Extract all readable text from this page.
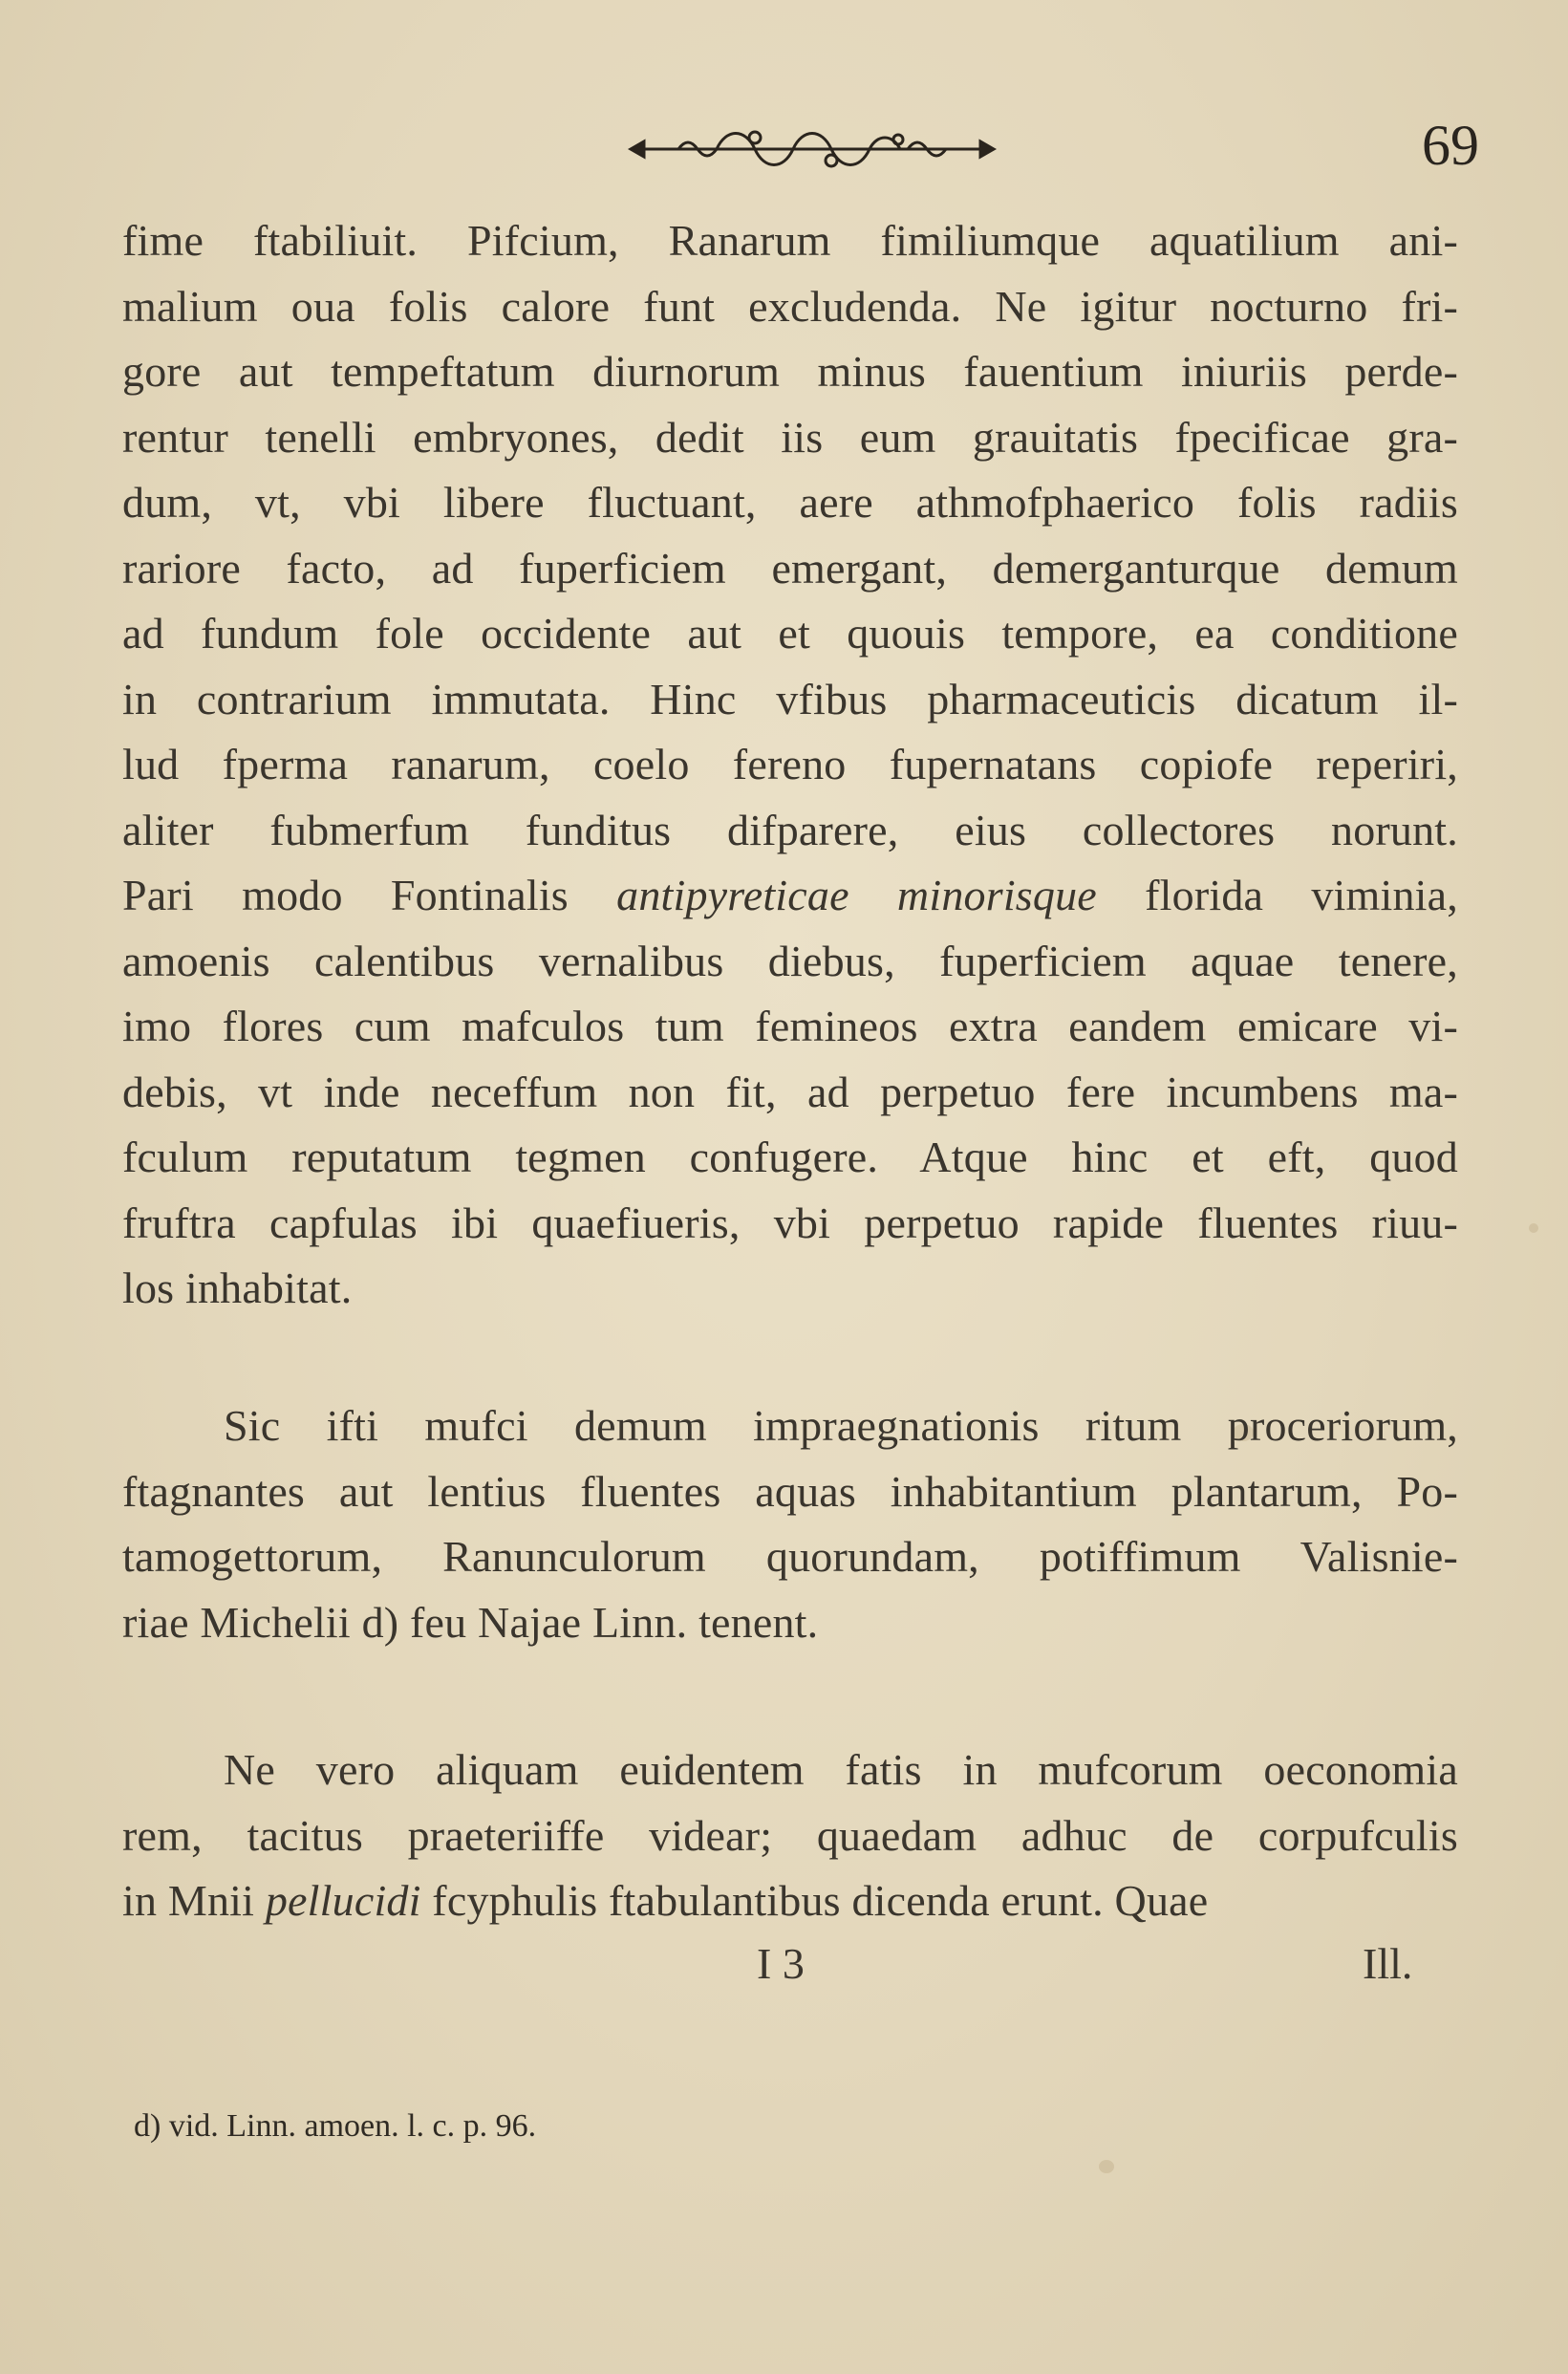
69
fime ftabiliuit. Pifcium, Ranarum fimiliumque aquatilium ani-
malium oua folis calore funt excludenda. Ne igitur nocturno fri-
gore aut tempeftatum diurnorum minus fauentium iniuriis perde-
rentur tenelli embryones, dedit iis eum grauitatis fpecificae gra-
dum, vt, vbi libere fluctuant, aere athmofphaerico folis radiis
rariore facto, ad fuperficiem emergant, demerganturque demum
ad fundum fole occidente aut et quouis tempore, ea conditione
in contrarium immutata. Hinc vfibus pharmaceuticis dicatum il-
lud fperma ranarum, coelo fereno fupernatans copiofe reperiri,
aliter fubmerfum funditus difparere, eius collectores norunt.
Pari modo Fontinalis antipyreticae minorisque florida viminia,
amoenis calentibus vernalibus diebus, fuperficiem aquae tenere,
imo flores cum mafculos tum femineos extra eandem emicare vi-
debis, vt inde neceffum non fit, ad perpetuo fere incumbens ma-
fculum reputatum tegmen confugere. Atque hinc et eft, quod
fruftra capfulas ibi quaefiueris, vbi perpetuo rapide fluentes riuu-
los inhabitat.
Sic ifti mufci demum impraegnationis ritum proceriorum,
ftagnantes aut lentius fluentes aquas inhabitantium plantarum, Po-
tamogettorum, Ranunculorum quorundam, potiffimum Valisnie-
riae Michelii d) feu Najae Linn. tenent.
Ne vero aliquam euidentem fatis in mufcorum oeconomia
rem, tacitus praeteriiffe videar; quaedam adhuc de corpufculis
in Mnii pellucidi fcyphulis ftabulantibus dicenda erunt. Quae
I 3	Ill.
d) vid. Linn. amoen. l. c. p. 96.
